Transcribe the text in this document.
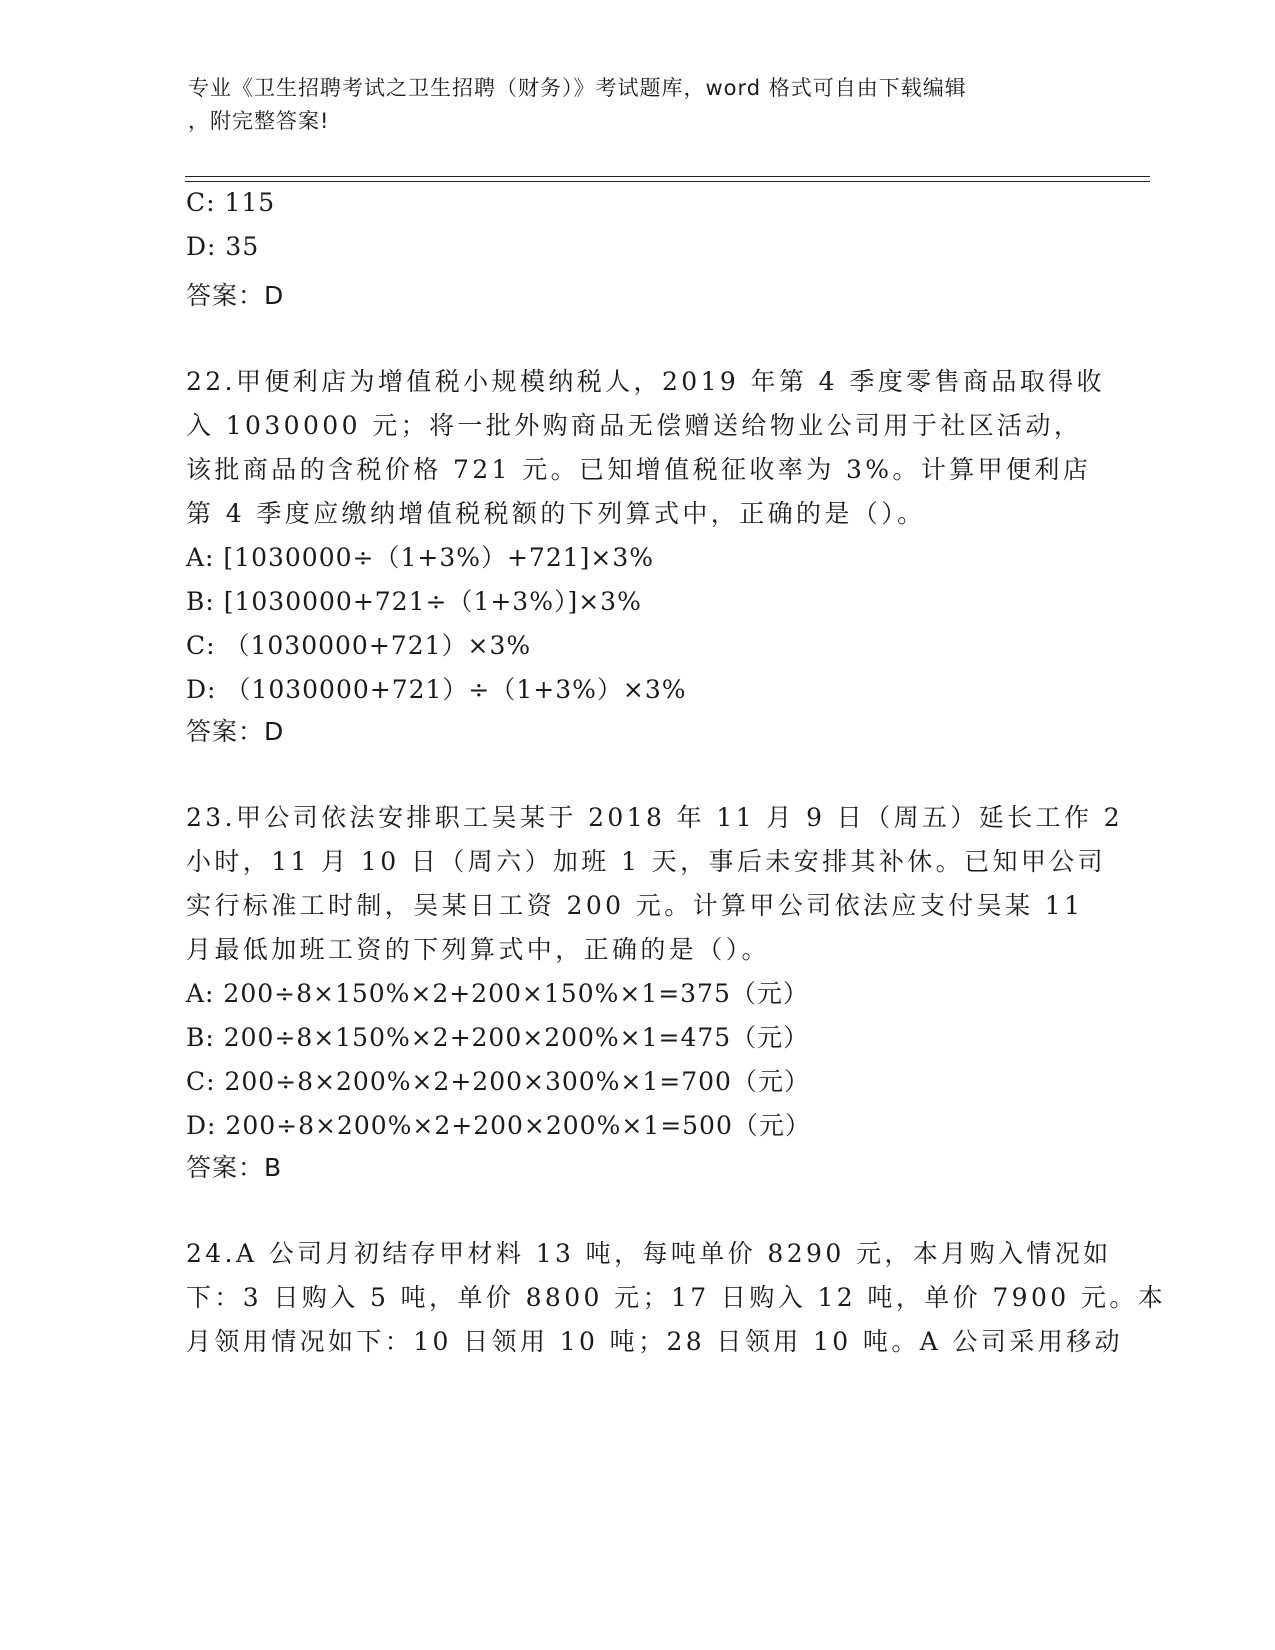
专业《卫生招聘考试之卫生招聘（财务）》考试题库，word 格式可自由下载编辑
，附完整答案!
C: 115
D: 35
答案：D
22.甲便利店为增值税小规模纳税人，2019 年第 4 季度零售商品取得收
入 1030000 元；将一批外购商品无偿赠送给物业公司用于社区活动，
该批商品的含税价格 721 元。已知增值税征收率为 3%。计算甲便利店
第 4 季度应缴纳增值税税额的下列算式中，正确的是（）。
A: [1030000÷（1+3%）+721]×3%
B: [1030000+721÷（1+3%）]×3%
C: （1030000+721）×3%
D: （1030000+721）÷（1+3%）×3%
答案：D
23.甲公司依法安排职工吴某于 2018 年 11 月 9 日（周五）延长工作 2
小时，11 月 10 日（周六）加班 1 天，事后未安排其补休。已知甲公司
实行标准工时制，吴某日工资 200 元。计算甲公司依法应支付吴某 11
月最低加班工资的下列算式中，正确的是（）。
A: 200÷8×150%×2+200×150%×1=375（元）
B: 200÷8×150%×2+200×200%×1=475（元）
C: 200÷8×200%×2+200×300%×1=700（元）
D: 200÷8×200%×2+200×200%×1=500（元）
答案：B
24.A 公司月初结存甲材料 13 吨，每吨单价 8290 元，本月购入情况如
下：3 日购入 5 吨，单价 8800 元；17 日购入 12 吨，单价 7900 元。本
月领用情况如下：10 日领用 10 吨；28 日领用 10 吨。A 公司采用移动
